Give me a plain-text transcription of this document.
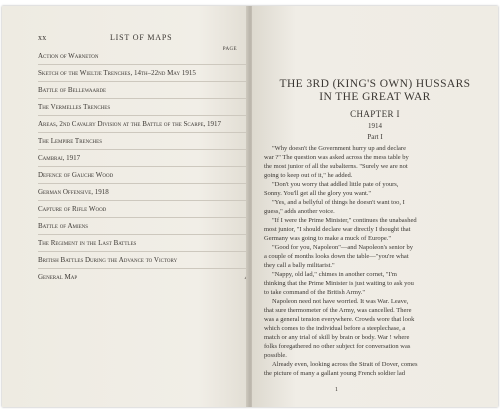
xx	LIST OF MAPS
PAGE
Action of Warneton
Sketch of the Wieltje Trenches, 14th–22nd May 1915
Battle of Bellewaarde
The Vermelles Trenches
Areas, 2nd Cavalry Division at the Battle of the Scarpe, 1917
The Lempire Trenches
Cambrai, 1917
Defence of Gauche Wood
German Offensive, 1918
Capture of Rifle Wood
Battle of Amiens
The Regiment in the Last Battles
British Battles During the Advance to Victory
General Map
THE 3RD (KING'S OWN) HUSSARS
IN THE GREAT WAR
CHAPTER I
1914
Part I
"Why doesn't the Government hurry up and declare
war ?" The question was asked across the mess table by
the most junior of all the subalterns. "Surely we are not
going to keep out of it," he added.
"Don't you worry that addled little pate of yours,
Sonny. You'll get all the glory you want."
"Yes, and a bellyful of things he doesn't want too, I
guess," adds another voice.
"If I were the Prime Minister," continues the unabashed
most junior, "I should declare war directly I thought that
Germany was going to make a muck of Europe."
"Good for you, Napoleon"—and Napoleon's senior by
a couple of months looks down the table—"you're what
they call a bally militarist."
"Nappy, old lad," chimes in another cornet, "I'm
thinking that the Prime Minister is just waiting to ask you
to take command of the British Army."
Napoleon need not have worried. It was War. Leave,
that sure thermometer of the Army, was cancelled. There
was a general tension everywhere. Crowds wore that look
which comes to the individual before a steeplechase, a
match or any trial of skill by brain or body. War ! where
folks foregathered no other subject for conversation was
possible.
Already even, looking across the Strait of Dover, comes
the picture of many a gallant young French soldier lad
1
